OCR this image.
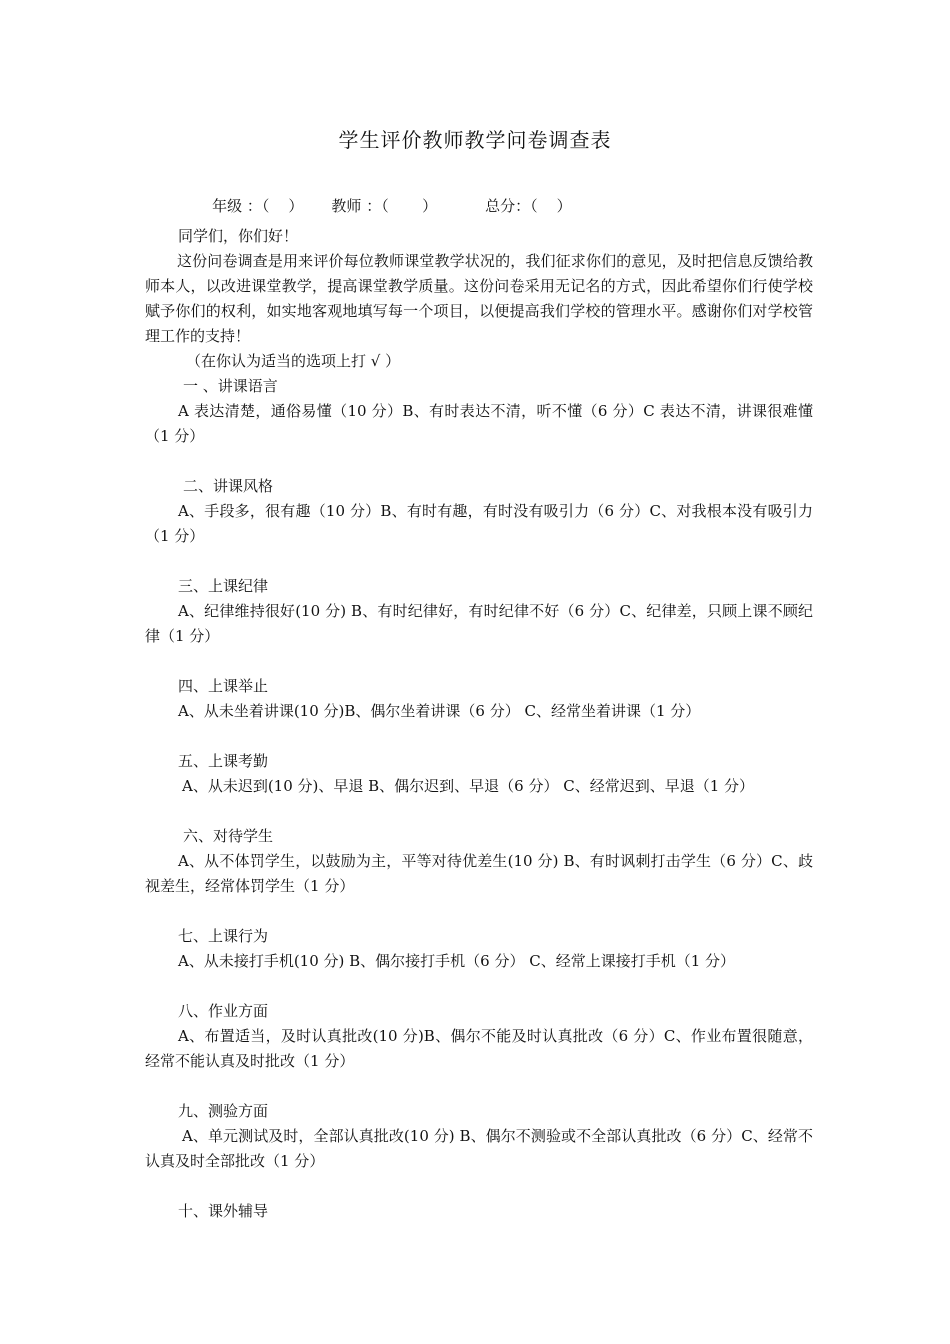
学生评价教师教学问卷调查表

年级 ：（    ） 教师 ：（       ）	总分：（    ）

同学们，你们好！
这份问卷调查是用来评价每位教师课堂教学状况的，我们征求你们的意见，及时把信息反馈给教师本人，以改进课堂教学，提高课堂教学质量。这份问卷采用无记名的方式，因此希望你们行使学校赋予你们的权利，如实地客观地填写每一个项目，以便提高我们学校的管理水平。感谢你们对学校管理工作的支持！
（在你认为适当的选项上打 √ ）
一 、讲课语言
A 表达清楚，通俗易懂（10 分）B、有时表达不清，听不懂（6 分）C 表达不清，讲课很难懂（1 分）
二、讲课风格
A、手段多，很有趣（10 分）B、有时有趣，有时没有吸引力（6 分）C、对我根本没有吸引力（1 分）
三、上课纪律
A、纪律维持很好(10 分) B、有时纪律好，有时纪律不好（6 分）C、纪律差，只顾上课不顾纪律（1 分）
四、上课举止
A、从未坐着讲课(10 分)B、偶尔坐着讲课（6 分） C、经常坐着讲课（1 分）
五、上课考勤
A、从未迟到(10 分)、早退 B、偶尔迟到、早退（6 分） C、经常迟到、早退（1 分）
六、对待学生
A、从不体罚学生，以鼓励为主，平等对待优差生(10 分) B、有时讽刺打击学生（6 分）C、歧视差生，经常体罚学生（1 分）
七、上课行为
A、从未接打手机(10 分) B、偶尔接打手机（6 分） C、经常上课接打手机（1 分）
八、作业方面
A、布置适当，及时认真批改(10 分)B、偶尔不能及时认真批改（6 分）C、作业布置很随意，经常不能认真及时批改（1 分）
九、测验方面
A、单元测试及时，全部认真批改(10 分) B、偶尔不测验或不全部认真批改（6 分）C、经常不认真及时全部批改（1 分）
十、课外辅导
